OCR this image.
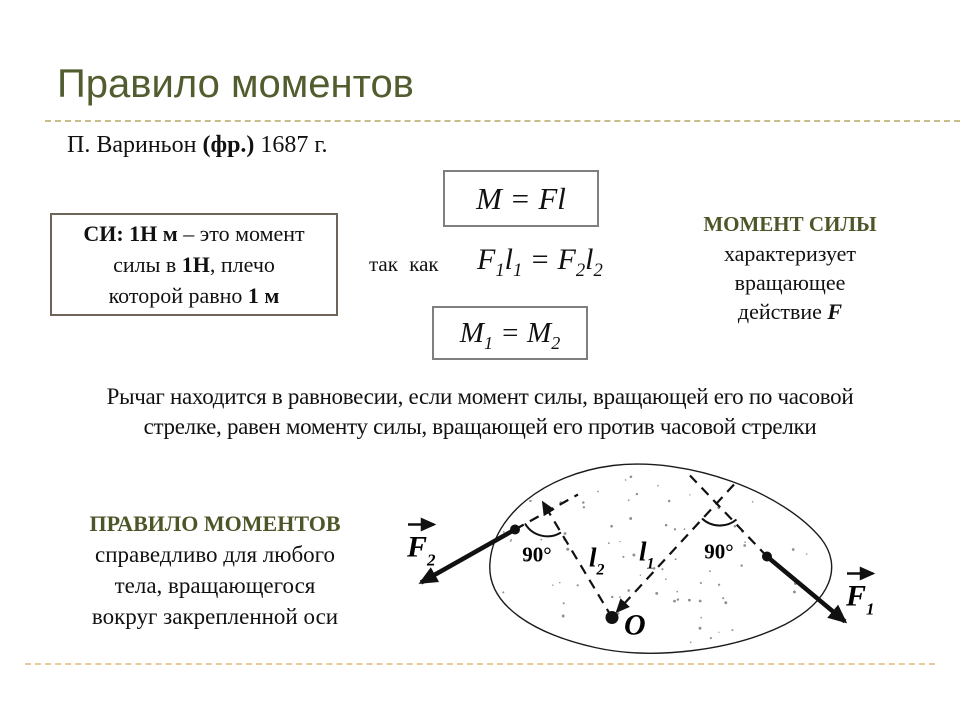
Правило моментов
П. Вариньон (фр.) 1687 г.
СИ: 1Н м – это момент
силы в 1Н, плечо
которой равно 1 м
M = Fl
так как $F_1l_1 = F_2l_2$
$M_1 = M_2$
МОМЕНТ СИЛЫ
характеризует
вращающее
действие F
Рычаг находится в равновесии, если момент силы, вращающей его по часовой
стрелке, равен моменту силы, вращающей его против часовой стрелки
ПРАВИЛО МОМЕНТОВ
справедливо для любого
тела, вращающегося
вокруг закрепленной оси
$F_2$
$F_1$
90°	90°
$l_2$
$l_1$
O
